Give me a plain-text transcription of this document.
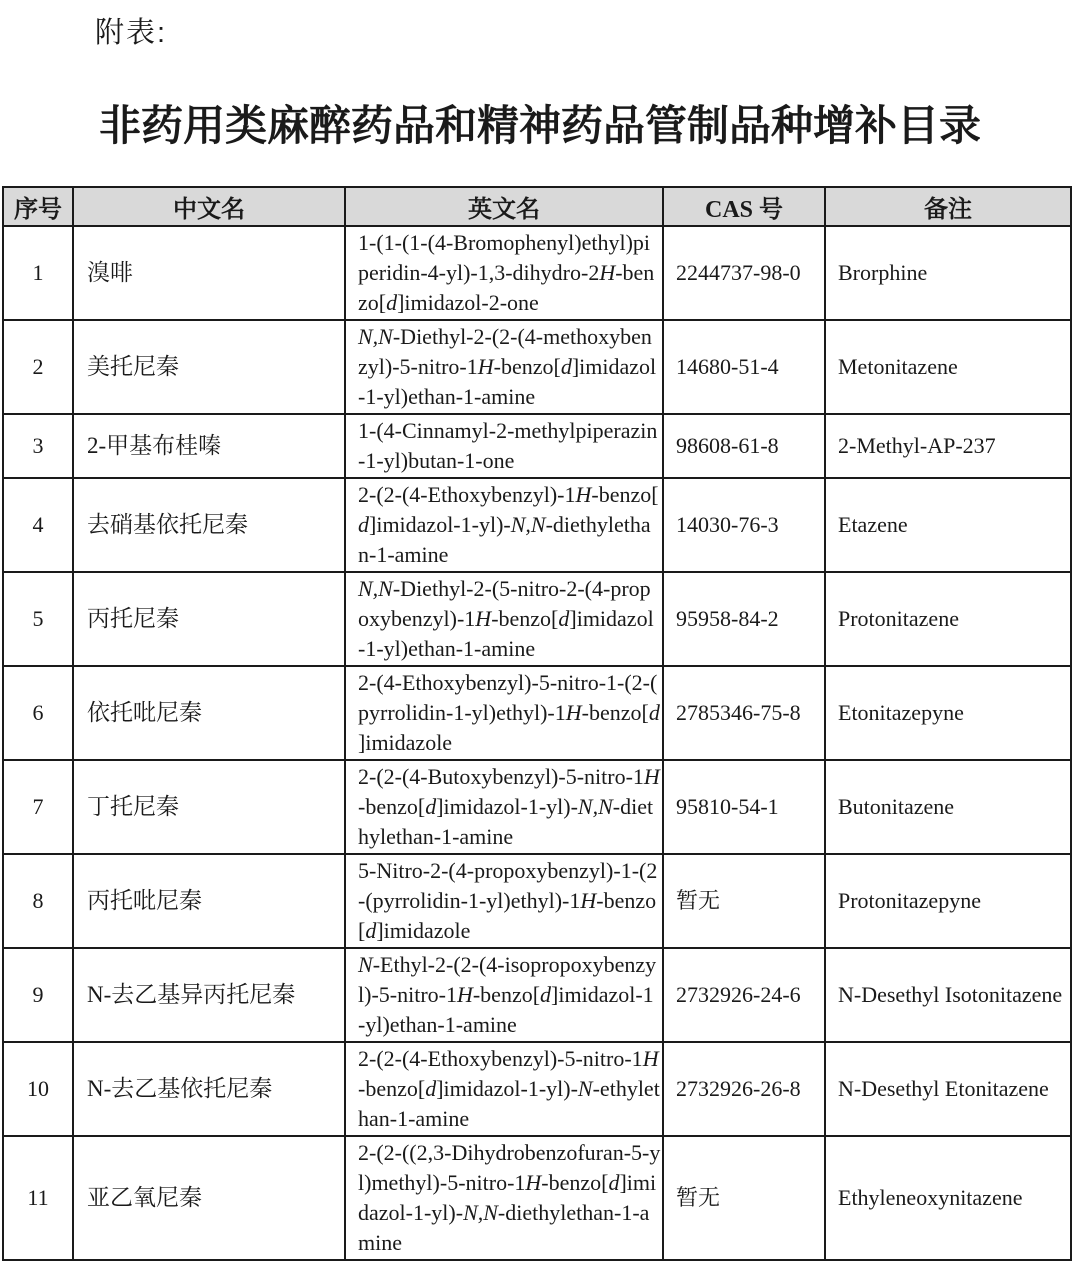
附表:
非药用类麻醉药品和精神药品管制品种增补目录
序号	中文名	英文名	CAS 号	备注
1	溴啡	1-(1-(1-(4-Bromophenyl)ethyl)pi
peridin-4-yl)-1,3-dihydro-2H-ben
zo[d]imidazol-2-one	2244737-98-0	Brorphine
2	美托尼秦	N,N-Diethyl-2-(2-(4-methoxyben
zyl)-5-nitro-1H-benzo[d]imidazol
-1-yl)ethan-1-amine	14680-51-4	Metonitazene
3	2-甲基布桂嗪	1-(4-Cinnamyl-2-methylpiperazin
-1-yl)butan-1-one	98608-61-8	2-Methyl-AP-237
4	去硝基依托尼秦	2-(2-(4-Ethoxybenzyl)-1H-benzo[
d]imidazol-1-yl)-N,N-diethyletha
n-1-amine	14030-76-3	Etazene
5	丙托尼秦	N,N-Diethyl-2-(5-nitro-2-(4-prop
oxybenzyl)-1H-benzo[d]imidazol
-1-yl)ethan-1-amine	95958-84-2	Protonitazene
6	依托吡尼秦	2-(4-Ethoxybenzyl)-5-nitro-1-(2-(
pyrrolidin-1-yl)ethyl)-1H-benzo[d
]imidazole	2785346-75-8	Etonitazepyne
7	丁托尼秦	2-(2-(4-Butoxybenzyl)-5-nitro-1H
-benzo[d]imidazol-1-yl)-N,N-diet
hylethan-1-amine	95810-54-1	Butonitazene
8	丙托吡尼秦	5-Nitro-2-(4-propoxybenzyl)-1-(2
-(pyrrolidin-1-yl)ethyl)-1H-benzo
[d]imidazole	暂无	Protonitazepyne
9	N-去乙基异丙托尼秦	N-Ethyl-2-(2-(4-isopropoxybenzy
l)-5-nitro-1H-benzo[d]imidazol-1
-yl)ethan-1-amine	2732926-24-6	N-Desethyl Isotonitazene
10	N-去乙基依托尼秦	2-(2-(4-Ethoxybenzyl)-5-nitro-1H
-benzo[d]imidazol-1-yl)-N-ethylet
han-1-amine	2732926-26-8	N-Desethyl Etonitazene
11	亚乙氧尼秦	2-(2-((2,3-Dihydrobenzofuran-5-y
l)methyl)-5-nitro-1H-benzo[d]imi
dazol-1-yl)-N,N-diethylethan-1-a
mine	暂无	Ethyleneoxynitazene
